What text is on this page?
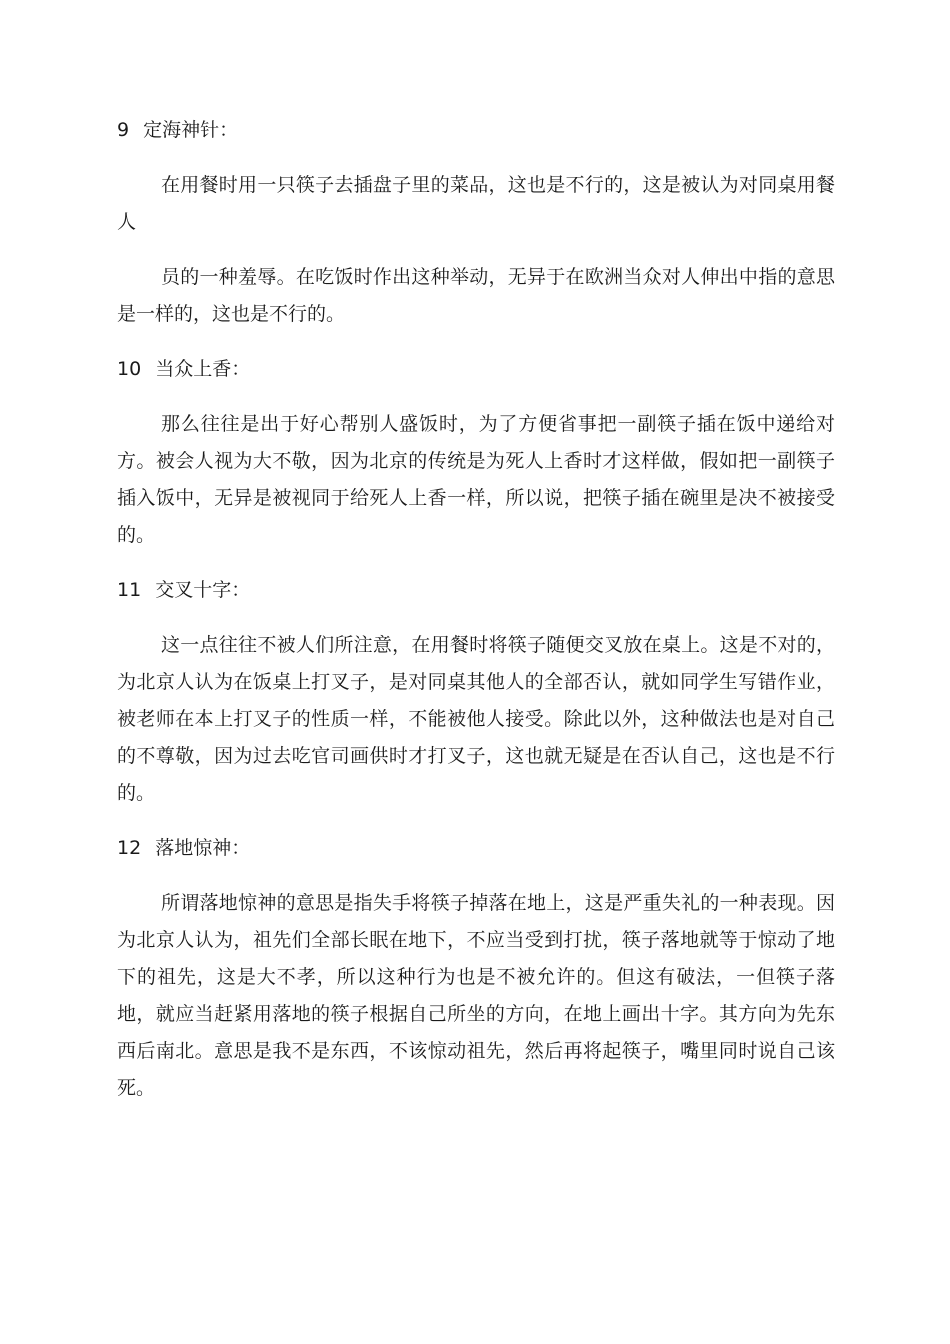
9 定海神针：

在用餐时用一只筷子去插盘子里的菜品，这也是不行的，这是被认为对同桌用餐人

员的一种羞辱。在吃饭时作出这种举动，无异于在欧洲当众对人伸出中指的意思是一样的，这也是不行的。

10 当众上香：

那么往往是出于好心帮别人盛饭时，为了方便省事把一副筷子插在饭中递给对方。被会人视为大不敬，因为北京的传统是为死人上香时才这样做，假如把一副筷子插入饭中，无异是被视同于给死人上香一样，所以说，把筷子插在碗里是决不被接受的。

11 交叉十字：

这一点往往不被人们所注意，在用餐时将筷子随便交叉放在桌上。这是不对的，为北京人认为在饭桌上打叉子，是对同桌其他人的全部否认，就如同学生写错作业，被老师在本上打叉子的性质一样，不能被他人接受。除此以外，这种做法也是对自己的不尊敬，因为过去吃官司画供时才打叉子，这也就无疑是在否认自己，这也是不行的。

12 落地惊神：

所谓落地惊神的意思是指失手将筷子掉落在地上，这是严重失礼的一种表现。因为北京人认为，祖先们全部长眠在地下，不应当受到打扰，筷子落地就等于惊动了地下的祖先，这是大不孝，所以这种行为也是不被允许的。但这有破法，一但筷子落地，就应当赶紧用落地的筷子根据自己所坐的方向，在地上画出十字。其方向为先东西后南北。意思是我不是东西，不该惊动祖先，然后再将起筷子，嘴里同时说自己该死。
